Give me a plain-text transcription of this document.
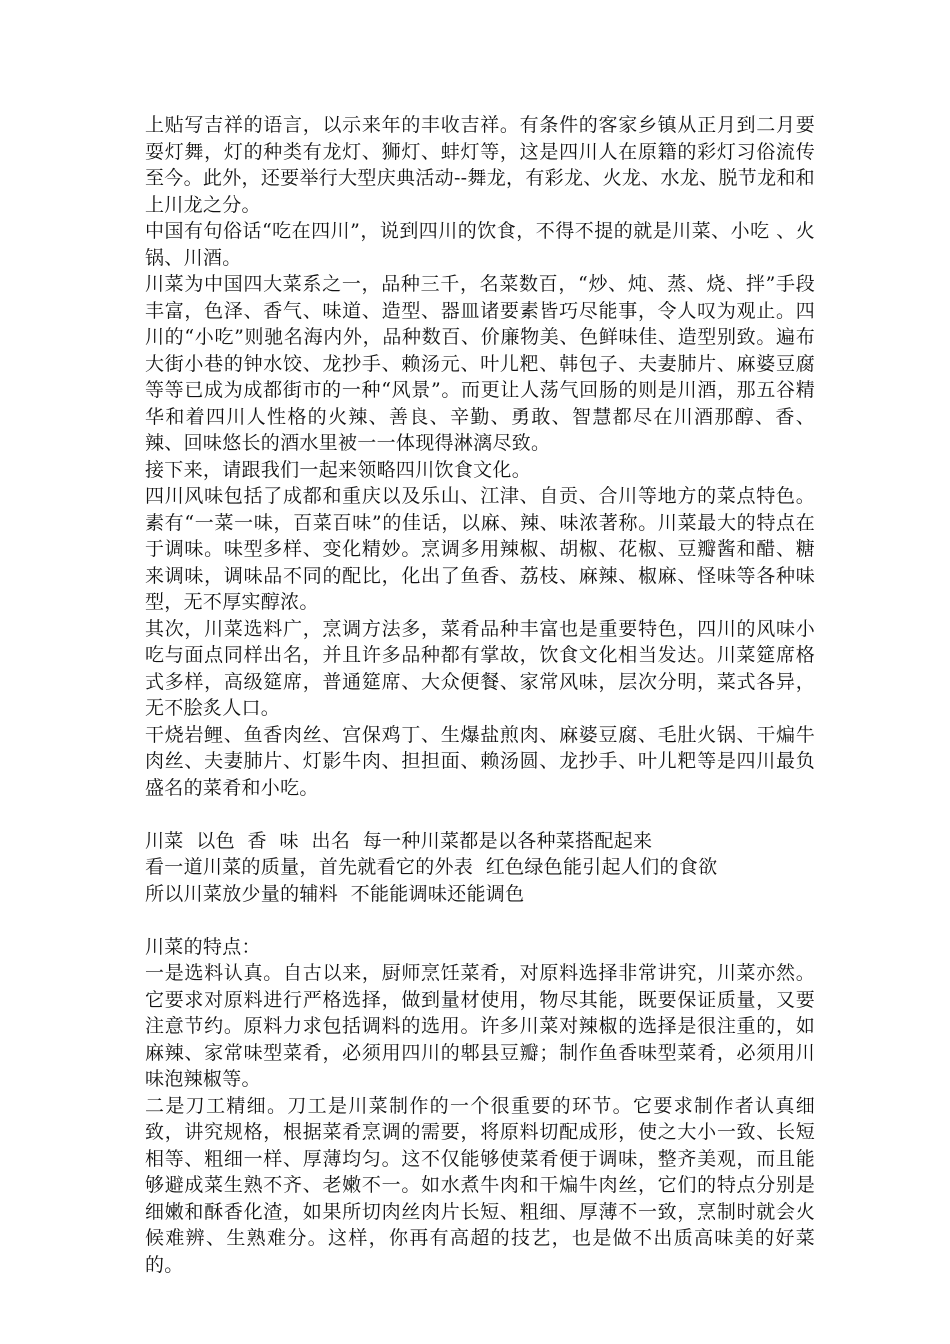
上贴写吉祥的语言，以示来年的丰收吉祥。有条件的客家乡镇从正月到二月要耍灯舞，灯的种类有龙灯、狮灯、蚌灯等，这是四川人在原籍的彩灯习俗流传至今。此外，还要举行大型庆典活动--舞龙，有彩龙、火龙、水龙、脱节龙和和上川龙之分。

中国有句俗话“吃在四川”，说到四川的饮食，不得不提的就是川菜、小吃 、火锅、川酒。

川菜为中国四大菜系之一，品种三千，名菜数百，“炒、炖、蒸、烧、拌”手段丰富，色泽、香气、味道、造型、器皿诸要素皆巧尽能事，令人叹为观止。四川的“小吃”则驰名海内外，品种数百、价廉物美、色鲜味佳、造型别致。遍布大街小巷的钟水饺、龙抄手、赖汤元、叶儿粑、韩包子、夫妻肺片、麻婆豆腐等等已成为成都街市的一种“风景”。而更让人荡气回肠的则是川酒，那五谷精华和着四川人性格的火辣、善良、辛勤、勇敢、智慧都尽在川酒那醇、香、辣、回味悠长的酒水里被一一体现得淋漓尽致。

接下来，请跟我们一起来领略四川饮食文化。

四川风味包括了成都和重庆以及乐山、江津、自贡、合川等地方的菜点特色。素有“一菜一味，百菜百味”的佳话，以麻、辣、味浓著称。川菜最大的特点在于调味。味型多样、变化精妙。烹调多用辣椒、胡椒、花椒、豆瓣酱和醋、糖来调味，调味品不同的配比，化出了鱼香、荔枝、麻辣、椒麻、怪味等各种味型，无不厚实醇浓。

其次，川菜选料广，烹调方法多，菜肴品种丰富也是重要特色，四川的风味小吃与面点同样出名，并且许多品种都有掌故，饮食文化相当发达。川菜筵席格式多样，高级筵席，普通筵席、大众便餐、家常风味，层次分明，菜式各异，无不脍炙人口。

干烧岩鲤、鱼香肉丝、宫保鸡丁、生爆盐煎肉、麻婆豆腐、毛肚火锅、干煸牛肉丝、夫妻肺片、灯影牛肉、担担面、赖汤圆、龙抄手、叶儿粑等是四川最负盛名的菜肴和小吃。

川菜  以色  香  味  出名  每一种川菜都是以各种菜搭配起来

看一道川菜的质量，首先就看它的外表  红色绿色能引起人们的食欲

所以川菜放少量的辅料  不能能调味还能调色

川菜的特点：

一是选料认真。自古以来，厨师烹饪菜肴，对原料选择非常讲究，川菜亦然。它要求对原料进行严格选择，做到量材使用，物尽其能，既要保证质量，又要注意节约。原料力求包括调料的选用。许多川菜对辣椒的选择是很注重的，如麻辣、家常味型菜肴，必须用四川的郫县豆瓣；制作鱼香味型菜肴，必须用川味泡辣椒等。

二是刀工精细。刀工是川菜制作的一个很重要的环节。它要求制作者认真细致，讲究规格，根据菜肴烹调的需要，将原料切配成形，使之大小一致、长短相等、粗细一样、厚薄均匀。这不仅能够使菜肴便于调味，整齐美观，而且能够避成菜生熟不齐、老嫩不一。如水煮牛肉和干煸牛肉丝，它们的特点分别是细嫩和酥香化渣，如果所切肉丝肉片长短、粗细、厚薄不一致，烹制时就会火候难辨、生熟难分。这样，你再有高超的技艺，也是做不出质高味美的好菜的。
